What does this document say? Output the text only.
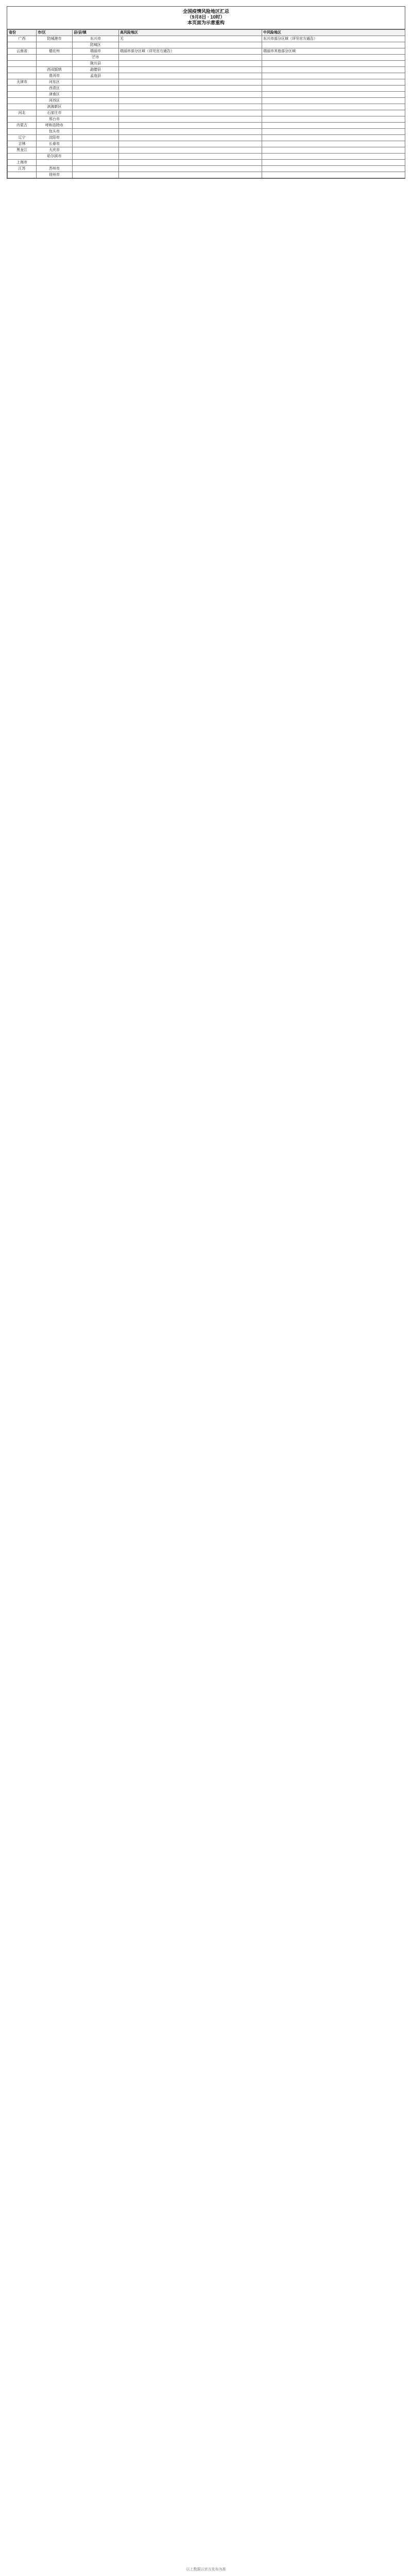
全国疫情风险地区汇总
（9月8日 · 10时）
本页面为示意重构
省份	市/区	县/县/镇	高风险地区	中风险地区
广西	防城港市	东兴市	无	东兴市部分区域（详见官方通告）
		防城区		
云南省	德宏州	瑞丽市	瑞丽市部分区域（详见官方通告）	瑞丽市其他部分区域
		芒市		
		陇川县		
	西双版纳	勐腊县		
	普洱市	孟连县		
天津市	河东区			
	西青区			
	津南区			
	河西区			
	滨海新区			
河北	石家庄市			
	邢台市			
内蒙古	呼和浩特市			
	包头市			
辽宁	沈阳市			
吉林	长春市			
黑龙江	大庆市			
	哈尔滨市			
上海市				
江苏	苏州市			
	徐州市			
以上数据以官方发布为准
